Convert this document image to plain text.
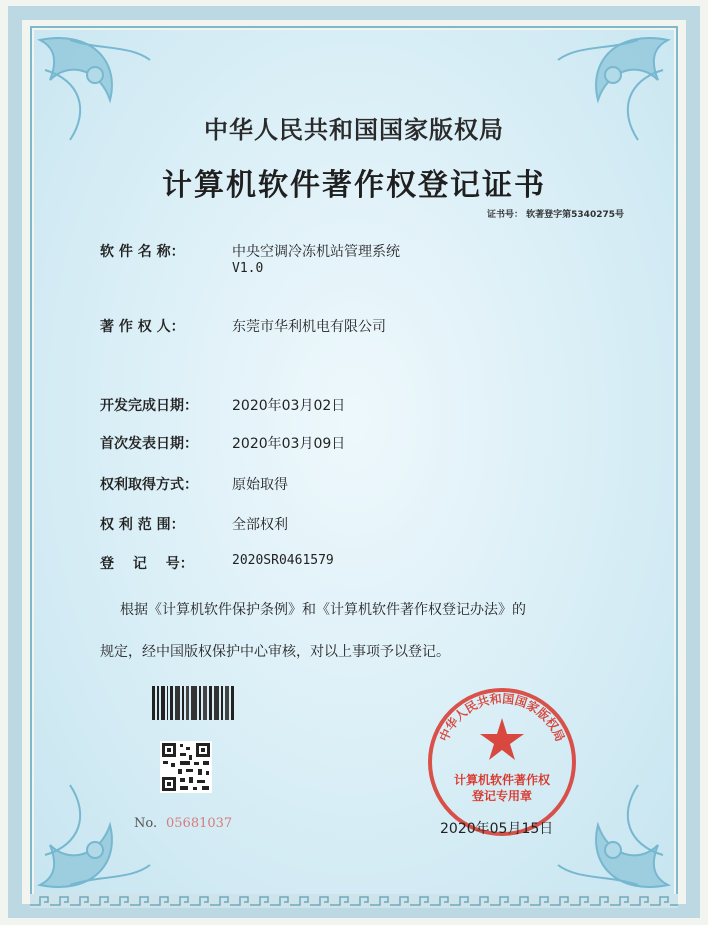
中华人民共和国国家版权局
计算机软件著作权登记证书
证书号： 软著登字第5340275号
软 件 名 称：	中央空调冷冻机站管理系统
V1.0
著 作 权 人：	东莞市华利机电有限公司
开发完成日期： 2020年03月02日
首次发表日期： 2020年03月09日
权利取得方式： 原始取得
权 利 范 围：	全部权利
登　 记　 号：	2020SR0461579
根据《计算机软件保护条例》和《计算机软件著作权登记办法》的
规定，经中国版权保护中心审核，对以上事项予以登记。
No. 05681037
中华人民共和国国家版权局
计算机软件著作权
登记专用章
2020年05月15日
